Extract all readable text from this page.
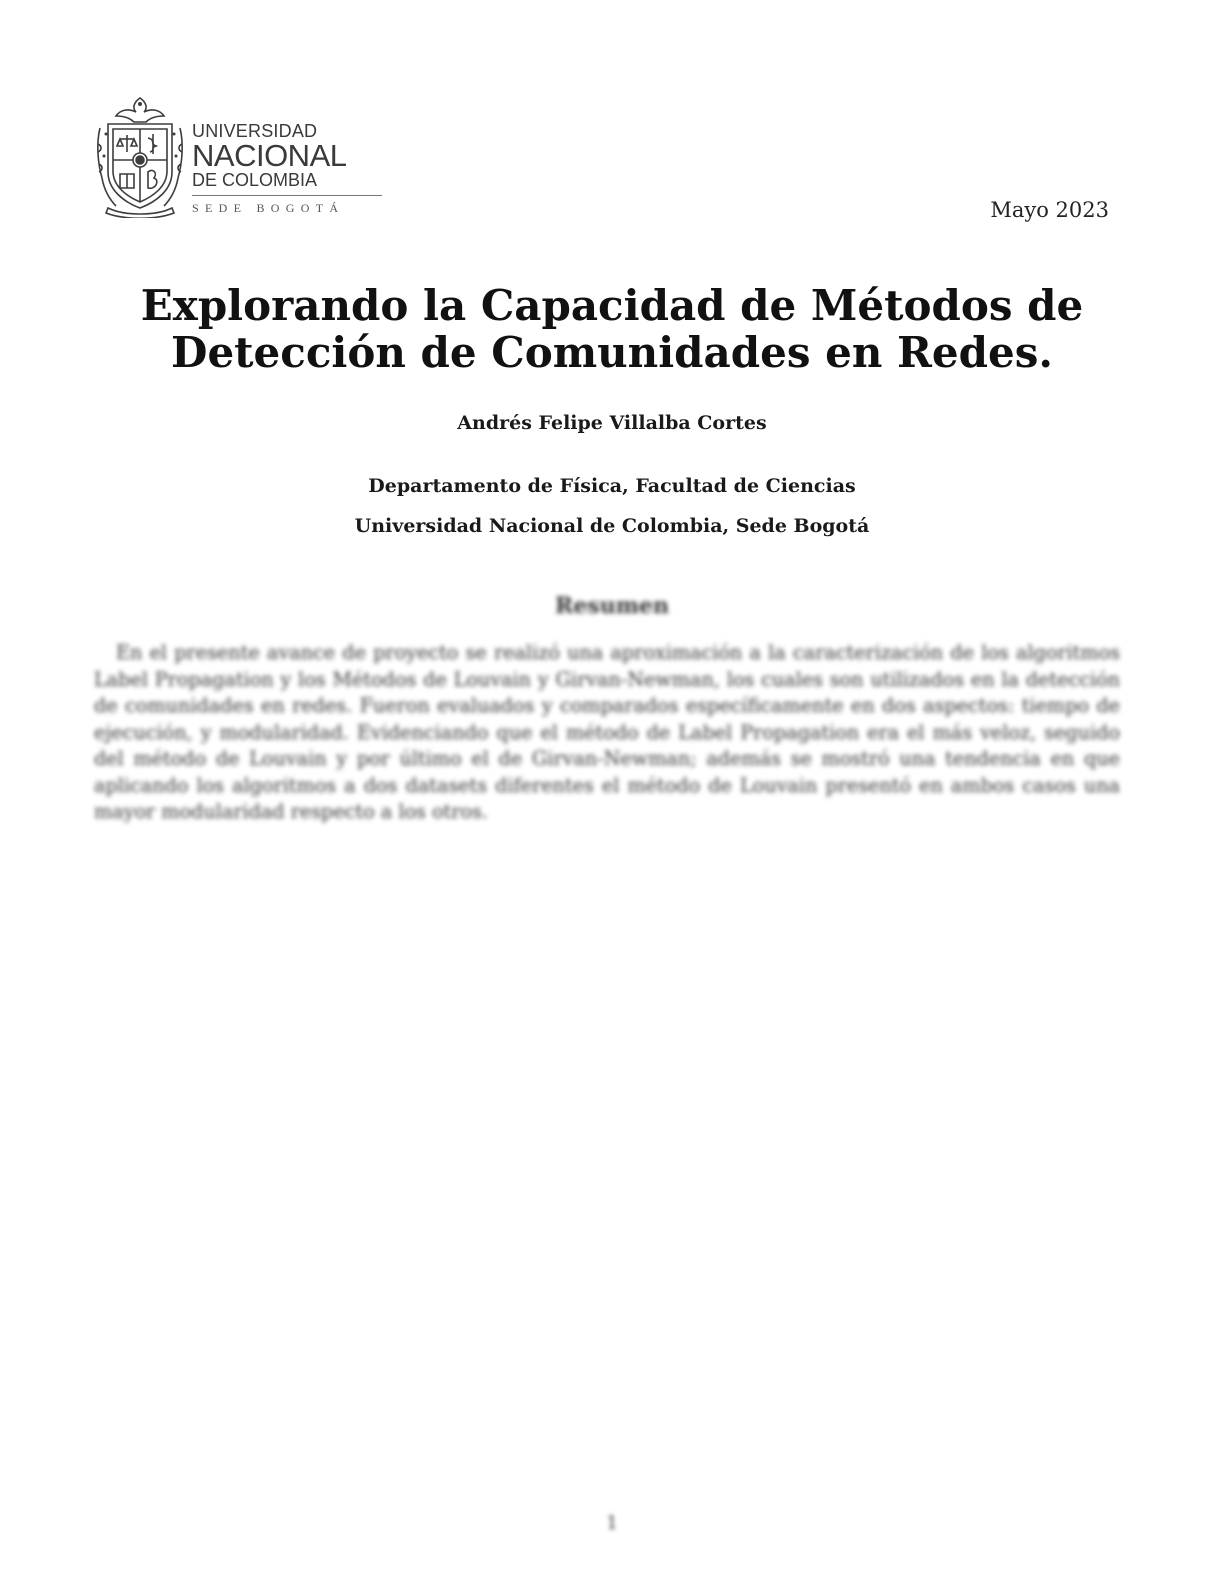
UNIVERSIDAD
NACIONAL
DE COLOMBIA
SEDE BOGOTÁ	Mayo 2023
Explorando la Capacidad de Métodos de
Detección de Comunidades en Redes.
Andrés Felipe Villalba Cortes
Departamento de Física, Facultad de Ciencias
Universidad Nacional de Colombia, Sede Bogotá
Resumen

En el presente avance de proyecto se realizó una aproximación a la caracterización de los algoritmos Label Propagation y los Métodos de Louvain y Girvan-Newman, los cuales son utilizados en la detección de comunidades en redes. Fueron evaluados y comparados específicamente en dos aspectos: tiempo de ejecución, y modularidad. Evidenciando que el método de Label Propagation era el más veloz, seguido del método de Louvain y por último el de Girvan-Newman; además se mostró una tendencia en que aplicando los algoritmos a dos datasets diferentes el método de Louvain presentó en ambos casos una mayor modularidad respecto a los otros.

1
